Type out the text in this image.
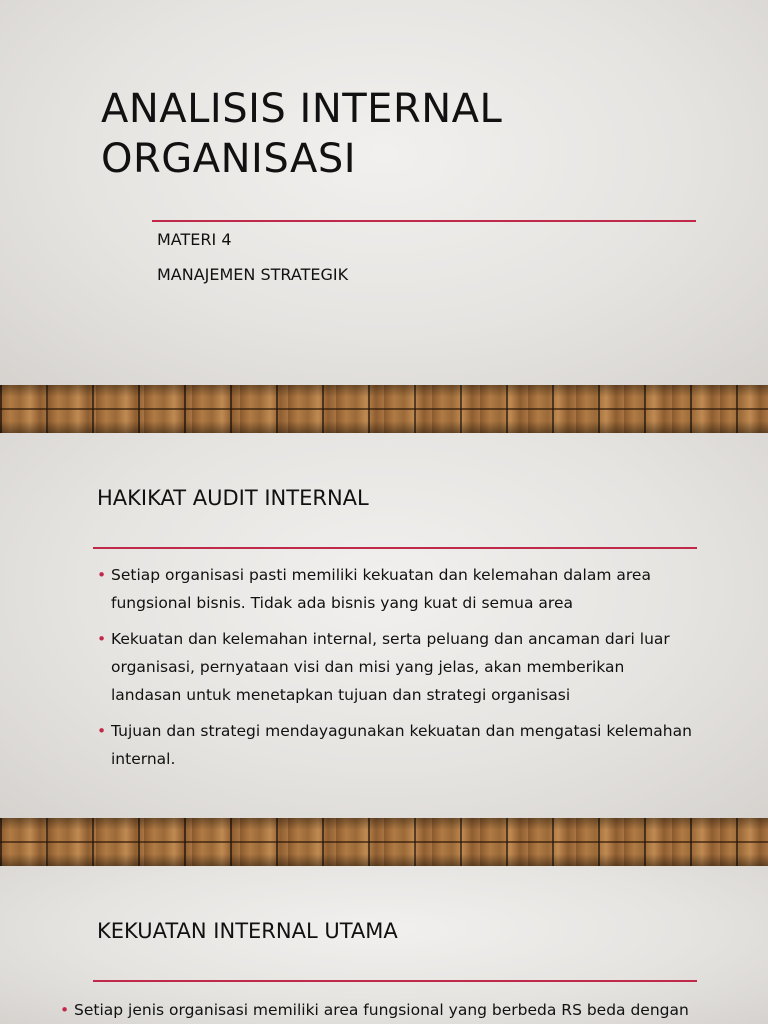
ANALISIS INTERNAL
ORGANISASI

MATERI 4

MANAJEMEN STRATEGIK

HAKIKAT AUDIT INTERNAL
• Setiap organisasi pasti memiliki kekuatan dan kelemahan dalam area fungsional bisnis. Tidak ada bisnis yang kuat di semua area
• Kekuatan dan kelemahan internal, serta peluang dan ancaman dari luar organisasi, pernyataan visi dan misi yang jelas, akan memberikan landasan untuk menetapkan tujuan dan strategi organisasi
• Tujuan dan strategi mendayagunakan kekuatan dan mengatasi kelemahan internal.
KEKUATAN INTERNAL UTAMA
• Setiap jenis organisasi memiliki area fungsional yang berbeda RS beda dengan
